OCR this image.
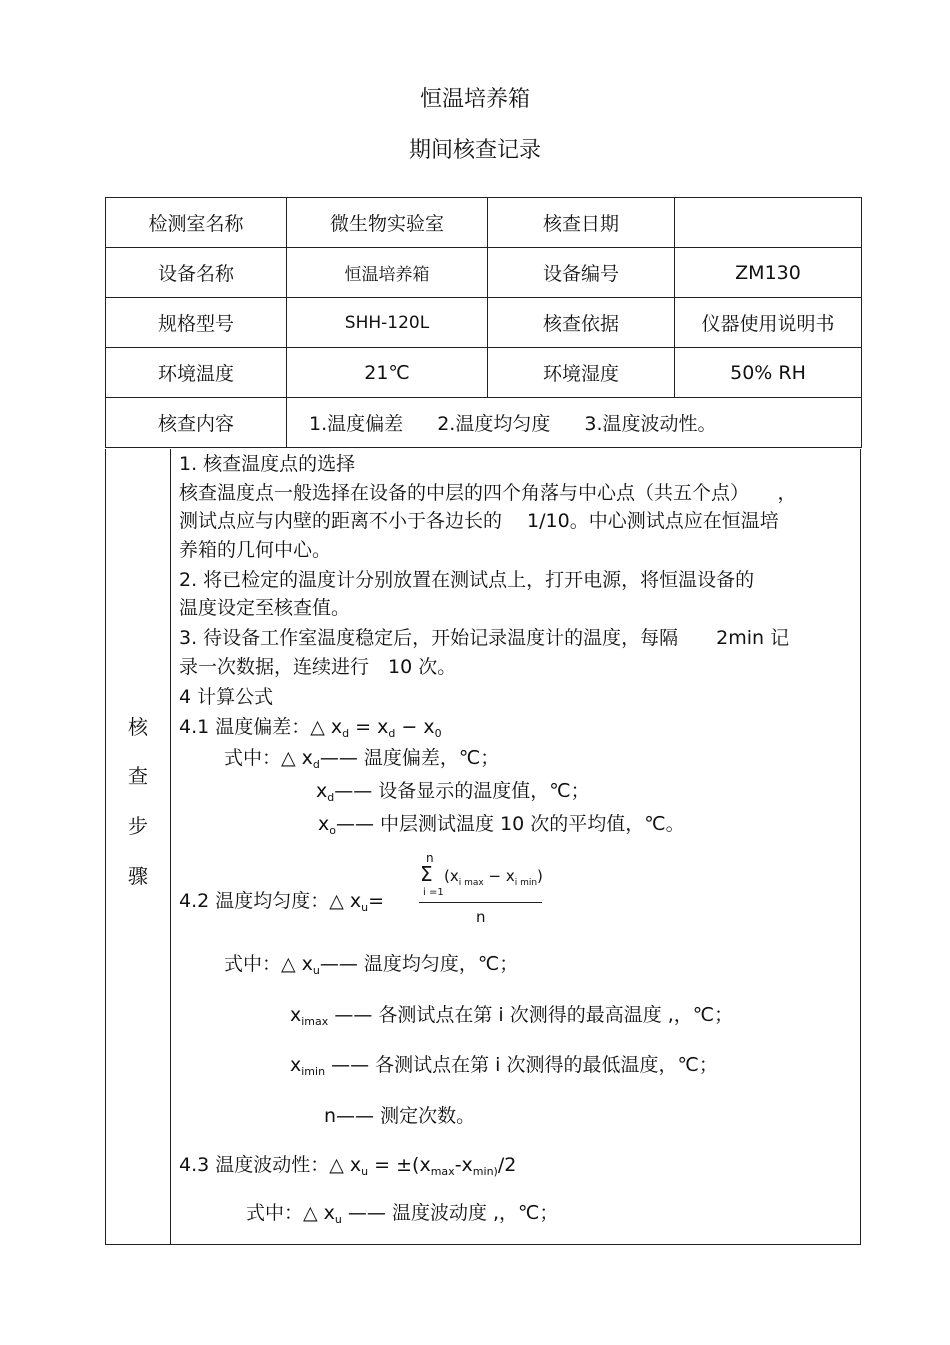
恒温培养箱
期间核查记录
检测室名称	微生物实验室	核查日期	
设备名称	恒温培养箱	设备编号	ZM130
规格型号	SHH-120L	核查依据	仪器使用说明书
环境温度	21℃	环境湿度	50% RH
核查内容	1.温度偏差 2.温度均匀度 3.温度波动性。		
核
查
步
骤
1. 核查温度点的选择
核查温度点一般选择在设备的中层的四个角落与中心点（共五个点）　　，
测试点应与内壁的距离不小于各边长的　 1/10。中心测试点应在恒温培
养箱的几何中心。
2. 将已检定的温度计分别放置在测试点上，打开电源，将恒温设备的
温度设定至核查值。
3. 待设备工作室温度稳定后，开始记录温度计的温度，每隔　　2min 记
录一次数据，连续进行　10 次。
4 计算公式
4.1 温度偏差：△ $x_d = x_d - x_0$
式中：△ $x_d——$ 温度偏差，℃；
$x_d——$ 设备显示的温度值，℃；
$x_o——$ 中层测试温度 10 次的平均值，℃。
4.2 温度均匀度：△ $x_u=$
n
Σ
i =1
$(x_{i max} - x_{i min})$
n
式中：△ $x_u——$ 温度均匀度，℃；
$x_{imax}$ —— 各测试点在第 i 次测得的最高温度 ,，℃；
$x_{imin}$ —— 各测试点在第 i 次测得的最低温度，℃；
n—— 测定次数。
4.3 温度波动性：△ $x_u = \pm(x_{max}-x_{min)}/2$
式中：△ $x_u$ —— 温度波动度 ,，℃；
